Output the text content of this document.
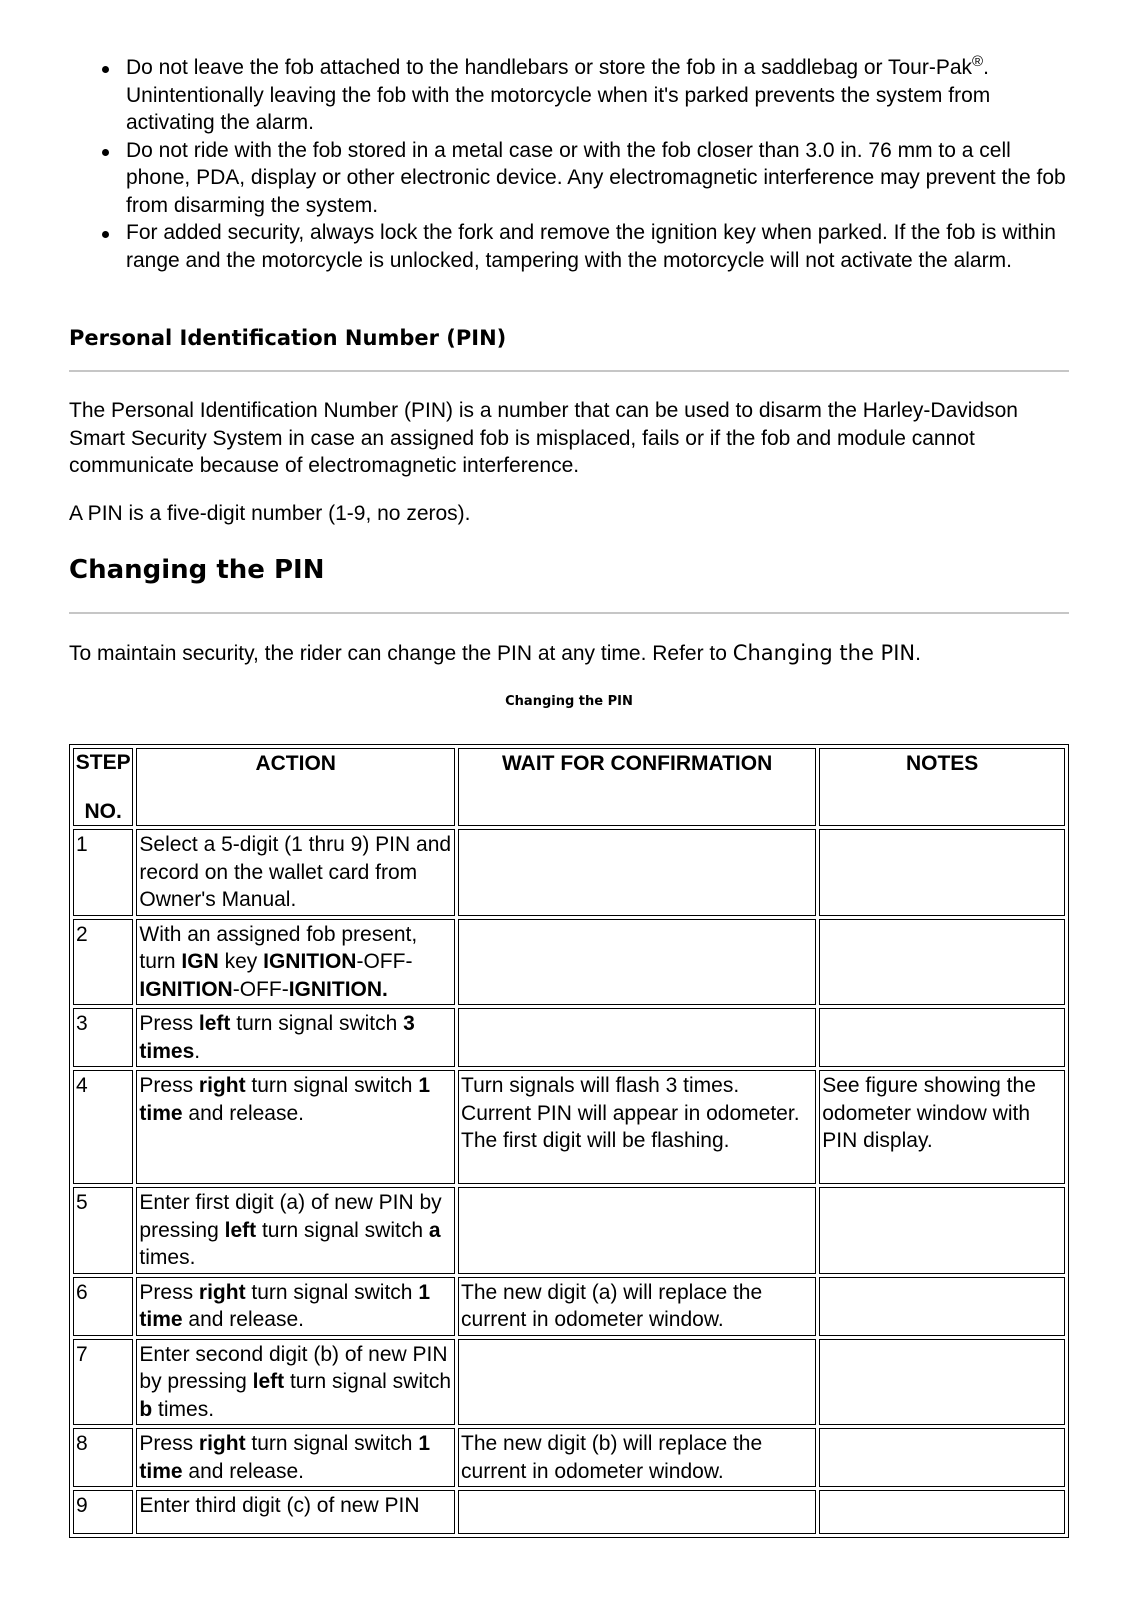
Do not leave the fob attached to the handlebars or store the fob in a saddlebag or Tour-Pak®. Unintentionally leaving the fob with the motorcycle when it's parked prevents the system from activating the alarm.
Do not ride with the fob stored in a metal case or with the fob closer than 3.0 in. 76 mm to a cell phone, PDA, display or other electronic device. Any electromagnetic interference may prevent the fob from disarming the system.
For added security, always lock the fork and remove the ignition key when parked. If the fob is within range and the motorcycle is unlocked, tampering with the motorcycle will not activate the alarm.
Personal Identification Number (PIN)

The Personal Identification Number (PIN) is a number that can be used to disarm the Harley-Davidson Smart Security System in case an assigned fob is misplaced, fails or if the fob and module cannot communicate because of electromagnetic interference.

A PIN is a five-digit number (1-9, no zeros).

Changing the PIN

To maintain security, the rider can change the PIN at any time. Refer to Changing the PIN.

Changing the PIN
STEP
NO.	ACTION	WAIT FOR CONFIRMATION	NOTES
1	Select a 5-digit (1 thru 9) PIN and record on the wallet card from Owner's Manual.		
2	With an assigned fob present, turn IGN key IGNITION-OFF-IGNITION-OFF-IGNITION.		
3	Press left turn signal switch 3 times.		
4	Press right turn signal switch 1 time and release.	Turn signals will flash 3 times. Current PIN will appear in odometer. The first digit will be flashing.	See figure showing the odometer window with PIN display.
5	Enter first digit (a) of new PIN by pressing left turn signal switch a times.		
6	Press right turn signal switch 1 time and release.	The new digit (a) will replace the current in odometer window.	
7	Enter second digit (b) of new PIN by pressing left turn signal switch b times.		
8	Press right turn signal switch 1 time and release.	The new digit (b) will replace the current in odometer window.	
9	Enter third digit (c) of new PIN		
